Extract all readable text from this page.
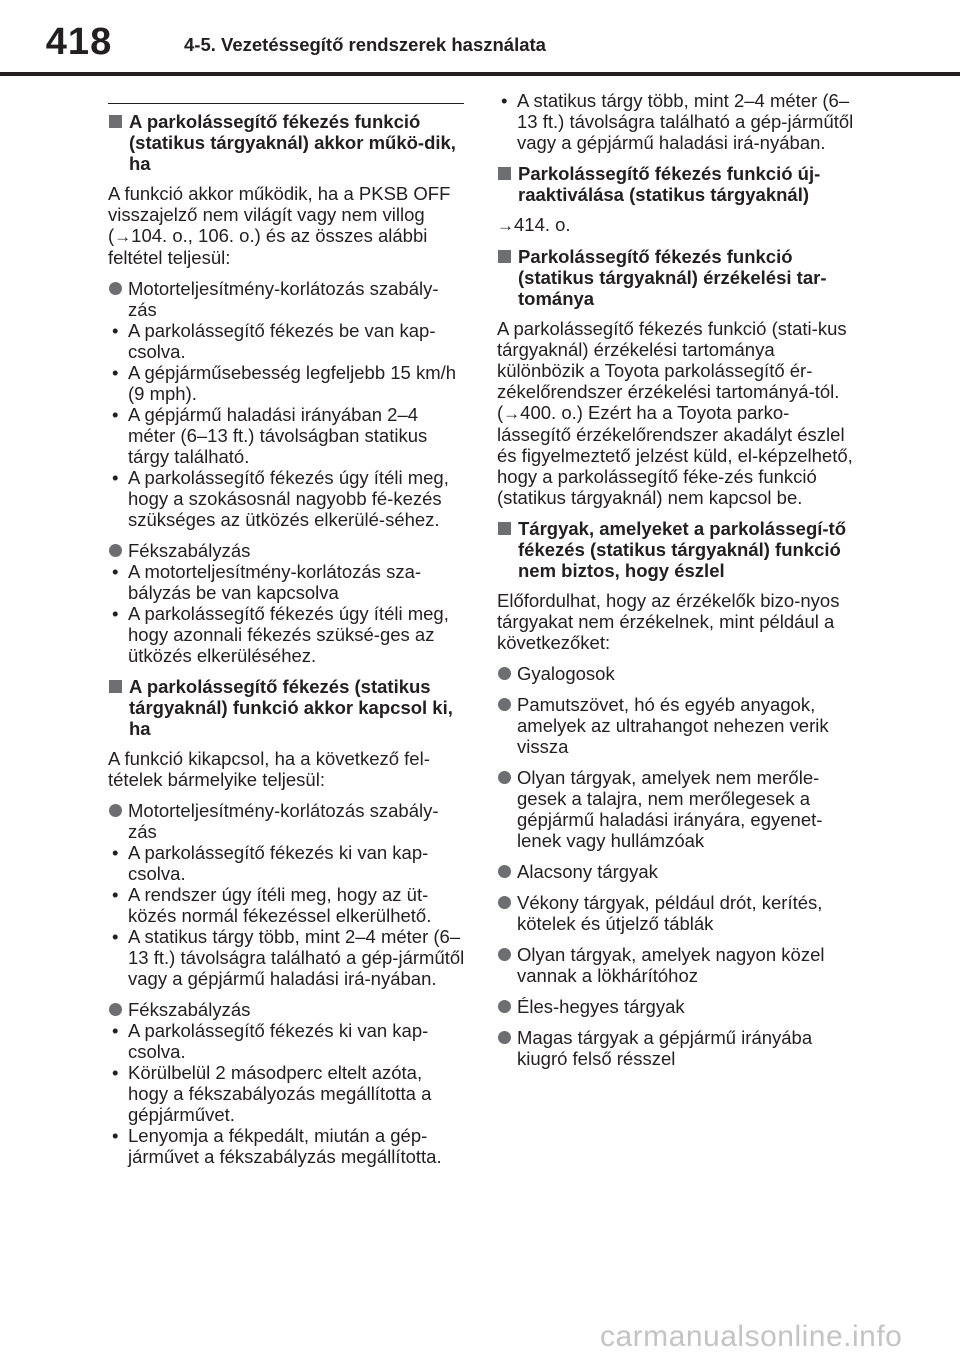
418	4-5. Vezetéssegítő rendszerek használata
A parkolássegítő fékezés funkció (statikus tárgyaknál) akkor műkö-dik, ha
A funkció akkor működik, ha a PKSB OFF visszajelző nem világít vagy nem villog (→104. o., 106. o.) és az összes alábbi feltétel teljesül:
Motorteljesítmény-korlátozás szabály-zás
• A parkolássegítő fékezés be van kap-csolva.
• A gépjárműsebesség legfeljebb 15 km/h (9 mph).
• A gépjármű haladási irányában 2–4 méter (6–13 ft.) távolságban statikus tárgy található.
• A parkolássegítő fékezés úgy ítéli meg, hogy a szokásosnál nagyobb fé-kezés szükséges az ütközés elkerülé-séhez.
Fékszabályzás
• A motorteljesítmény-korlátozás sza-bályzás be van kapcsolva
• A parkolássegítő fékezés úgy ítéli meg, hogy azonnali fékezés szüksé-ges az ütközés elkerüléséhez.
A parkolássegítő fékezés (statikus tárgyaknál) funkció akkor kapcsol ki, ha
A funkció kikapcsol, ha a következő fel-tételek bármelyike teljesül:
Motorteljesítmény-korlátozás szabály-zás
• A parkolássegítő fékezés ki van kap-csolva.
• A rendszer úgy ítéli meg, hogy az üt-közés normál fékezéssel elkerülhető.
• A statikus tárgy több, mint 2–4 méter (6–13 ft.) távolságra található a gép-járműtől vagy a gépjármű haladási irá-nyában.
Fékszabályzás
• A parkolássegítő fékezés ki van kap-csolva.
• Körülbelül 2 másodperc eltelt azóta, hogy a fékszabályozás megállította a gépjárművet.
• Lenyomja a fékpedált, miután a gép-járművet a fékszabályzás megállította.
• A statikus tárgy több, mint 2–4 méter (6–13 ft.) távolságra található a gép-járműtől vagy a gépjármű haladási irá-nyában.
Parkolássegítő fékezés funkció új-raaktiválása (statikus tárgyaknál)
→414. o.
Parkolássegítő fékezés funkció (statikus tárgyaknál) érzékelési tar-tománya
A parkolássegítő fékezés funkció (stati-kus tárgyaknál) érzékelési tartománya különbözik a Toyota parkolássegítő ér-zékelőrendszer érzékelési tartományá-tól. (→400. o.) Ezért ha a Toyota parko-lássegítő érzékelőrendszer akadályt észlel és figyelmeztető jelzést küld, el-képzelhető, hogy a parkolássegítő féke-zés funkció (statikus tárgyaknál) nem kapcsol be.
Tárgyak, amelyeket a parkolássegí-tő fékezés (statikus tárgyaknál) funkció nem biztos, hogy észlel
Előfordulhat, hogy az érzékelők bizo-nyos tárgyakat nem érzékelnek, mint például a következőket:
Gyalogosok
Pamutszövet, hó és egyéb anyagok, amelyek az ultrahangot nehezen verik vissza
Olyan tárgyak, amelyek nem merőle-gesek a talajra, nem merőlegesek a gépjármű haladási irányára, egyenet-lenek vagy hullámzóak
Alacsony tárgyak
Vékony tárgyak, például drót, kerítés, kötelek és útjelző táblák
Olyan tárgyak, amelyek nagyon közel vannak a lökhárítóhoz
Éles-hegyes tárgyak
Magas tárgyak a gépjármű irányába kiugró felső résszel
carmanualsonline.info
